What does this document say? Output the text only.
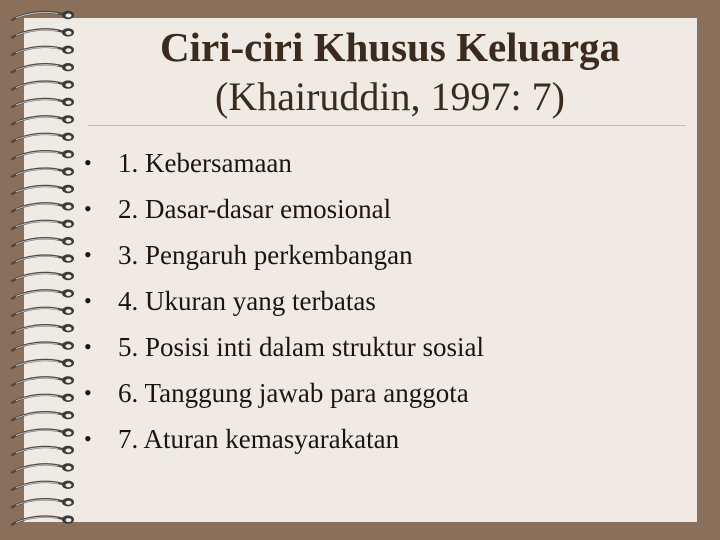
Ciri-ciri Khusus Keluarga
(Khairuddin, 1997: 7)
• 1. Kebersamaan
• 2. Dasar-dasar emosional
• 3. Pengaruh perkembangan
• 4. Ukuran yang terbatas
• 5. Posisi inti dalam struktur sosial
• 6. Tanggung jawab para anggota
• 7. Aturan kemasyarakatan
